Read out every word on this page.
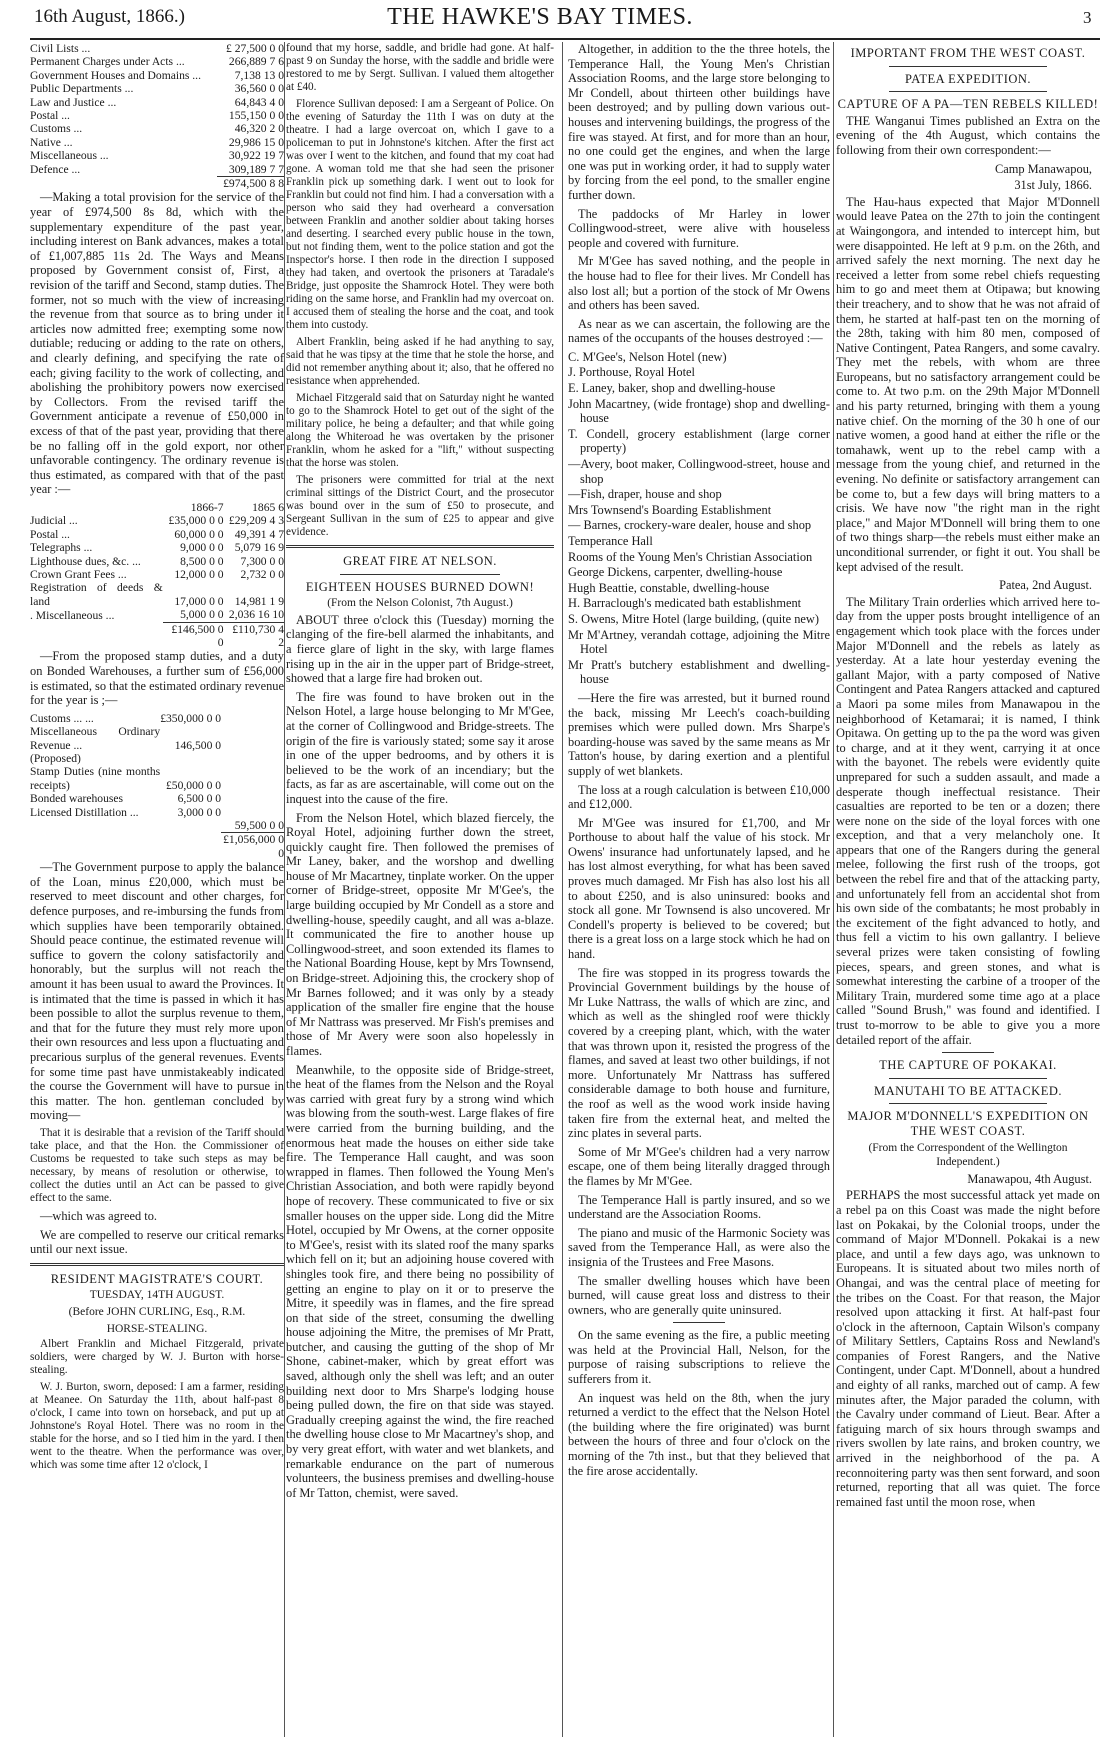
16th August, 1866.)	THE HAWKE'S BAY TIMES.	3
Civil Lists ...	£ 27,500 0 0
Permanent Charges under Acts ...	266,889 7 6
Government Houses and Domains ...	7,138 13 0
Public Departments ...	36,560 0 0
Law and Justice ...	64,843 4 0
Postal ...	155,150 0 0
Customs ...	46,320 2 0
Native ...	29,986 15 0
Miscellaneous ...	30,922 19 7
Defence ...	309,189 7 7
	£974,500 8 8

—Making a total provision for the service of the year of £974,500 8s 8d, which with the supplementary expenditure of the past year, including interest on Bank advances, makes a total of £1,007,885 11s 2d. The Ways and Means proposed by Government consist of, First, a revision of the tariff and Second, stamp duties. The former, not so much with the view of increasing the revenue from that source as to bring under it articles now admitted free; exempting some now dutiable; reducing or adding to the rate on others, and clearly defining, and specifying the rate of each; giving facility to the work of collecting, and abolishing the prohibitory powers now exercised by Collectors. From the revised tariff the Government anticipate a revenue of £50,000 in excess of that of the past year, providing that there be no falling off in the gold export, nor other unfavorable contingency. The ordinary revenue is thus estimated, as compared with that of the past year :—

	1866-7	1865 6
Judicial ...	£35,000 0 0	£29,209 4 3
Postal ...	60,000 0 0	49,391 4 7
Telegraphs ...	9,000 0 0	5,079 16 9
Lighthouse dues, &c. ...	8,500 0 0	7,300 0 0
Crown Grant Fees ...	12,000 0 0	2,732 0 0
Registration of deeds & land	17,000 0 0	14,981 1 9
. Miscellaneous ...	5,000 0 0	2,036 16 10
	£146,500 0 0	£110,730 4 2

—From the proposed stamp duties, and a duty on Bonded Warehouses, a further sum of £56,000 is estimated, so that the estimated ordinary revenue for the year is ;—

Customs ... ...	£350,000 0 0	
Miscellaneous Ordinary Revenue ...	146,500 0	
(Proposed)		
Stamp Duties (nine months receipts)	£50,000 0 0	
Bonded warehouses	6,500 0 0	
Licensed Distillation ...	3,000 0 0	
		59,500 0 0
		£1,056,000 0 0

—The Government purpose to apply the balance of the Loan, minus £20,000, which must be reserved to meet discount and other charges, for defence purposes, and re-imbursing the funds from which supplies have been temporarily obtained. Should peace continue, the estimated revenue will suffice to govern the colony satisfactorily and honorably, but the surplus will not reach the amount it has been usual to award the Provinces. It is intimated that the time is passed in which it has been possible to allot the surplus revenue to them, and that for the future they must rely more upon their own resources and less upon a fluctuating and precarious surplus of the general revenues. Events for some time past have unmistakeably indicated the course the Government will have to pursue in this matter. The hon. gentleman concluded by moving—

That it is desirable that a revision of the Tariff should take place, and that the Hon. the Commissioner of Customs be requested to take such steps as may be necessary, by means of resolution or otherwise, to collect the duties until an Act can be passed to give effect to the same.

—which was agreed to.

We are compelled to reserve our critical remarks until our next issue.

RESIDENT MAGISTRATE'S COURT.
TUESDAY, 14TH AUGUST.
(Before JOHN CURLING, Esq., R.M.
HORSE-STEALING.

Albert Franklin and Michael Fitzgerald, private soldiers, were charged by W. J. Burton with horse-stealing.

W. J. Burton, sworn, deposed: I am a farmer, residing at Meanee. On Saturday the 11th, about half-past 8 o'clock, I came into town on horseback, and put up at Johnstone's Royal Hotel. There was no room in the stable for the horse, and so I tied him in the yard. I then went to the theatre. When the performance was over, which was some time after 12 o'clock, I

found that my horse, saddle, and bridle had gone. At half-past 9 on Sunday the horse, with the saddle and bridle were restored to me by Sergt. Sullivan. I valued them altogether at £40.

Florence Sullivan deposed: I am a Sergeant of Police. On the evening of Saturday the 11th I was on duty at the theatre. I had a large overcoat on, which I gave to a policeman to put in Johnstone's kitchen. After the first act was over I went to the kitchen, and found that my coat had gone. A woman told me that she had seen the prisoner Franklin pick up something dark. I went out to look for Franklin but could not find him. I had a conversation with a person who said they had overheard a conversation between Franklin and another soldier about taking horses and deserting. I searched every public house in the town, but not finding them, went to the police station and got the Inspector's horse. I then rode in the direction I supposed they had taken, and overtook the prisoners at Taradale's Bridge, just opposite the Shamrock Hotel. They were both riding on the same horse, and Franklin had my overcoat on. I accused them of stealing the horse and the coat, and took them into custody.

Albert Franklin, being asked if he had anything to say, said that he was tipsy at the time that he stole the horse, and did not remember anything about it; also, that he offered no resistance when apprehended.

Michael Fitzgerald said that on Saturday night he wanted to go to the Shamrock Hotel to get out of the sight of the military police, he being a defaulter; and that while going along the Whiteroad he was overtaken by the prisoner Franklin, whom he asked for a "lift," without suspecting that the horse was stolen.

The prisoners were committed for trial at the next criminal sittings of the District Court, and the prosecutor was bound over in the sum of £50 to prosecute, and Sergeant Sullivan in the sum of £25 to appear and give evidence.

GREAT FIRE AT NELSON.
EIGHTEEN HOUSES BURNED DOWN!
(From the Nelson Colonist, 7th August.)

ABOUT three o'clock this (Tuesday) morning the clanging of the fire-bell alarmed the inhabitants, and a fierce glare of light in the sky, with large flames rising up in the air in the upper part of Bridge-street, showed that a large fire had broken out.

The fire was found to have broken out in the Nelson Hotel, a large house belonging to Mr M'Gee, at the corner of Collingwood and Bridge-streets. The origin of the fire is variously stated; some say it arose in one of the upper bedrooms, and by others it is believed to be the work of an incendiary; but the facts, as far as are ascertainable, will come out on the inquest into the cause of the fire.

From the Nelson Hotel, which blazed fiercely, the Royal Hotel, adjoining further down the street, quickly caught fire. Then followed the premises of Mr Laney, baker, and the worshop and dwelling house of Mr Macartney, tinplate worker. On the upper corner of Bridge-street, opposite Mr M'Gee's, the large building occupied by Mr Condell as a store and dwelling-house, speedily caught, and all was a-blaze. It communicated the fire to another house up Collingwood-street, and soon extended its flames to the National Boarding House, kept by Mrs Townsend, on Bridge-street. Adjoining this, the crockery shop of Mr Barnes followed; and it was only by a steady application of the smaller fire engine that the house of Mr Nattrass was preserved. Mr Fish's premises and those of Mr Avery were soon also hopelessly in flames.

Meanwhile, to the opposite side of Bridge-street, the heat of the flames from the Nelson and the Royal was carried with great fury by a strong wind which was blowing from the south-west. Large flakes of fire were carried from the burning building, and the enormous heat made the houses on either side take fire. The Temperance Hall caught, and was soon wrapped in flames. Then followed the Young Men's Christian Association, and both were rapidly beyond hope of recovery. These communicated to five or six smaller houses on the upper side. Long did the Mitre Hotel, occupied by Mr Owens, at the corner opposite to M'Gee's, resist with its slated roof the many sparks which fell on it; but an adjoining house covered with shingles took fire, and there being no possibility of getting an engine to play on it or to preserve the Mitre, it speedily was in flames, and the fire spread on that side of the street, consuming the dwelling house adjoining the Mitre, the premises of Mr Pratt, butcher, and causing the gutting of the shop of Mr Shone, cabinet-maker, which by great effort was saved, although only the shell was left; and an outer building next door to Mrs Sharpe's lodging house being pulled down, the fire on that side was stayed. Gradually creeping against the wind, the fire reached the dwelling house close to Mr Macartney's shop, and by very great effort, with water and wet blankets, and remarkable endurance on the part of numerous volunteers, the business premises and dwelling-house of Mr Tatton, chemist, were saved.

Altogether, in addition to the the three hotels, the Temperance Hall, the Young Men's Christian Association Rooms, and the large store belonging to Mr Condell, about thirteen other buildings have been destroyed; and by pulling down various out-houses and intervening buildings, the progress of the fire was stayed. At first, and for more than an hour, no one could get the engines, and when the large one was put in working order, it had to supply water by forcing from the eel pond, to the smaller engine further down.

The paddocks of Mr Harley in lower Collingwood-street, were alive with houseless people and covered with furniture.

Mr M'Gee has saved nothing, and the people in the house had to flee for their lives. Mr Condell has also lost all; but a portion of the stock of Mr Owens and others has been saved.

As near as we can ascertain, the following are the names of the occupants of the houses destroyed :—

C. M'Gee's, Nelson Hotel (new)
J. Porthouse, Royal Hotel
E. Laney, baker, shop and dwelling-house
John Macartney, (wide frontage) shop and dwelling-house
T. Condell, grocery establishment (large corner property)
—Avery, boot maker, Collingwood-street, house and shop
—Fish, draper, house and shop
Mrs Townsend's Boarding Establishment
— Barnes, crockery-ware dealer, house and shop
Temperance Hall
Rooms of the Young Men's Christian Association
George Dickens, carpenter, dwelling-house
Hugh Beattie, constable, dwelling-house
H. Barraclough's medicated bath establishment
S. Owens, Mitre Hotel (large building, (quite new)
Mr M'Artney, verandah cottage, adjoining the Mitre Hotel
Mr Pratt's butchery establishment and dwelling-house

—Here the fire was arrested, but it burned round the back, missing Mr Leech's coach-building premises which were pulled down. Mrs Sharpe's boarding-house was saved by the same means as Mr Tatton's house, by daring exertion and a plentiful supply of wet blankets.

The loss at a rough calculation is between £10,000 and £12,000.

Mr M'Gee was insured for £1,700, and Mr Porthouse to about half the value of his stock. Mr Owens' insurance had unfortunately lapsed, and he has lost almost everything, for what has been saved proves much damaged. Mr Fish has also lost his all to about £250, and is also uninsured: books and stock all gone. Mr Townsend is also uncovered. Mr Condell's property is believed to be covered; but there is a great loss on a large stock which he had on hand.

The fire was stopped in its progress towards the Provincial Government buildings by the house of Mr Luke Nattrass, the walls of which are zinc, and which as well as the shingled roof were thickly covered by a creeping plant, which, with the water that was thrown upon it, resisted the progress of the flames, and saved at least two other buildings, if not more. Unfortunately Mr Nattrass has suffered considerable damage to both house and furniture, the roof as well as the wood work inside having taken fire from the external heat, and melted the zinc plates in several parts.

Some of Mr M'Gee's children had a very narrow escape, one of them being literally dragged through the flames by Mr M'Gee.

The Temperance Hall is partly insured, and so we understand are the Association Rooms.

The piano and music of the Harmonic Society was saved from the Temperance Hall, as were also the insignia of the Trustees and Free Masons.

The smaller dwelling houses which have been burned, will cause great loss and distress to their owners, who are generally quite uninsured.

On the same evening as the fire, a public meeting was held at the Provincial Hall, Nelson, for the purpose of raising subscriptions to relieve the sufferers from it.

An inquest was held on the 8th, when the jury returned a verdict to the effect that the Nelson Hotel (the building where the fire originated) was burnt between the hours of three and four o'clock on the morning of the 7th inst., but that they believed that the fire arose accidentally.

IMPORTANT FROM THE WEST COAST.
PATEA EXPEDITION.
CAPTURE OF A PA—TEN REBELS KILLED!

THE Wanganui Times published an Extra on the evening of the 4th August, which contains the following from their own correspondent:—

Camp Manawapou,
31st July, 1866.

The Hau-haus expected that Major M'Donnell would leave Patea on the 27th to join the contingent at Waingongora, and intended to intercept him, but were disappointed. He left at 9 p.m. on the 26th, and arrived safely the next morning. The next day he received a letter from some rebel chiefs requesting him to go and meet them at Otipawa; but knowing their treachery, and to show that he was not afraid of them, he started at half-past ten on the morning of the 28th, taking with him 80 men, composed of Native Contingent, Patea Rangers, and some cavalry. They met the rebels, with whom are three Europeans, but no satisfactory arrangement could be come to. At two p.m. on the 29th Major M'Donnell and his party returned, bringing with them a young native chief. On the morning of the 30 h one of our native women, a good hand at either the rifle or the tomahawk, went up to the rebel camp with a message from the young chief, and returned in the evening. No definite or satisfactory arrangement can be come to, but a few days will bring matters to a crisis. We have now "the right man in the right place," and Major M'Donnell will bring them to one of two things sharp—the rebels must either make an unconditional surrender, or fight it out. You shall be kept advised of the result.

Patea, 2nd August.

The Military Train orderlies which arrived here to-day from the upper posts brought intelligence of an engagement which took place with the forces under Major M'Donnell and the rebels as lately as yesterday. At a late hour yesterday evening the gallant Major, with a party composed of Native Contingent and Patea Rangers attacked and captured a Maori pa some miles from Manawapou in the neighborhood of Ketamarai; it is named, I think Opitawa. On getting up to the pa the word was given to charge, and at it they went, carrying it at once with the bayonet. The rebels were evidently quite unprepared for such a sudden assault, and made a desperate though ineffectual resistance. Their casualties are reported to be ten or a dozen; there were none on the side of the loyal forces with one exception, and that a very melancholy one. It appears that one of the Rangers during the general melee, following the first rush of the troops, got between the rebel fire and that of the attacking party, and unfortunately fell from an accidental shot from his own side of the combatants; he most probably in the excitement of the fight advanced to hotly, and thus fell a victim to his own gallantry. I believe several prizes were taken consisting of fowling pieces, spears, and green stones, and what is somewhat interesting the carbine of a trooper of the Military Train, murdered some time ago at a place called "Sound Brush," was found and identified. I trust to-morrow to be able to give you a more detailed report of the affair.

THE CAPTURE OF POKAKAI.
MANUTAHI TO BE ATTACKED.
MAJOR M'DONNELL'S EXPEDITION ON THE WEST COAST.
(From the Correspondent of the Wellington Independent.)
Manawapou, 4th August.

PERHAPS the most successful attack yet made on a rebel pa on this Coast was made the night before last on Pokakai, by the Colonial troops, under the command of Major M'Donnell. Pokakai is a new place, and until a few days ago, was unknown to Europeans. It is situated about two miles north of Ohangai, and was the central place of meeting for the tribes on the Coast. For that reason, the Major resolved upon attacking it first. At half-past four o'clock in the afternoon, Captain Wilson's company of Military Settlers, Captains Ross and Newland's companies of Forest Rangers, and the Native Contingent, under Capt. M'Donnell, about a hundred and eighty of all ranks, marched out of camp. A few minutes after, the Major paraded the column, with the Cavalry under command of Lieut. Bear. After a fatiguing march of six hours through swamps and rivers swollen by late rains, and broken country, we arrived in the neighborhood of the pa. A reconnoitering party was then sent forward, and soon returned, reporting that all was quiet. The force remained fast until the moon rose, when
